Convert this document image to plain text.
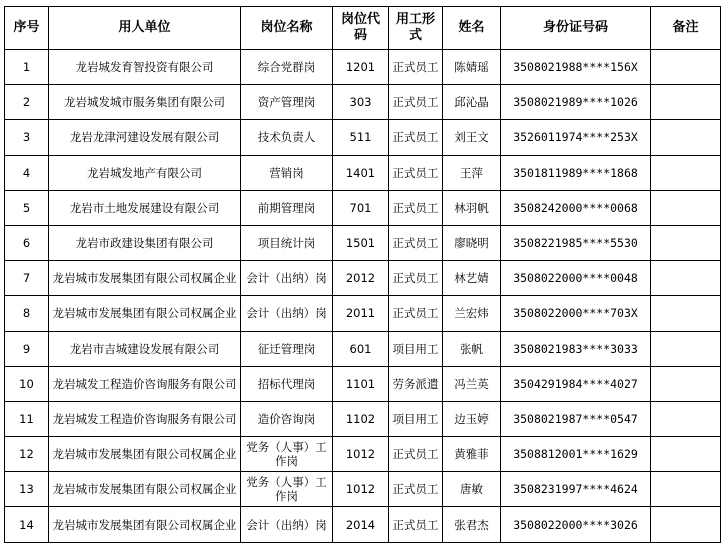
序号	用人单位	岗位名称	岗位代码	用工形式	姓名	身份证号码	备注
1	龙岩城发育智投资有限公司	综合党群岗	1201	正式员工	陈婧瑶	3508021988****156X	
2	龙岩城发城市服务集团有限公司	资产管理岗	303	正式员工	邱沁晶	3508021989****1026	
3	龙岩龙津河建设发展有限公司	技术负责人	511	正式员工	刘王文	3526011974****253X	
4	龙岩城发地产有限公司	营销岗	1401	正式员工	王萍	3501811989****1868	
5	龙岩市土地发展建设有限公司	前期管理岗	701	正式员工	林羽帆	3508242000****0068	
6	龙岩市政建设集团有限公司	项目统计岗	1501	正式员工	廖晓明	3508221985****5530	
7	龙岩城市发展集团有限公司权属企业	会计（出纳）岗	2012	正式员工	林艺婧	3508022000****0048	
8	龙岩城市发展集团有限公司权属企业	会计（出纳）岗	2011	正式员工	兰宏炜	3508022000****703X	
9	龙岩市吉城建设发展有限公司	征迁管理岗	601	项目用工	张帆	3508021983****3033	
10	龙岩城发工程造价咨询服务有限公司	招标代理岗	1101	劳务派遣	冯兰英	3504291984****4027	
11	龙岩城发工程造价咨询服务有限公司	造价咨询岗	1102	项目用工	边玉婷	3508021987****0547	
12	龙岩城市发展集团有限公司权属企业	党务（人事）工作岗	1012	正式员工	黄雅菲	3508812001****1629	
13	龙岩城市发展集团有限公司权属企业	党务（人事）工作岗	1012	正式员工	唐敏	3508231997****4624	
14	龙岩城市发展集团有限公司权属企业	会计（出纳）岗	2014	正式员工	张君杰	3508022000****3026	
